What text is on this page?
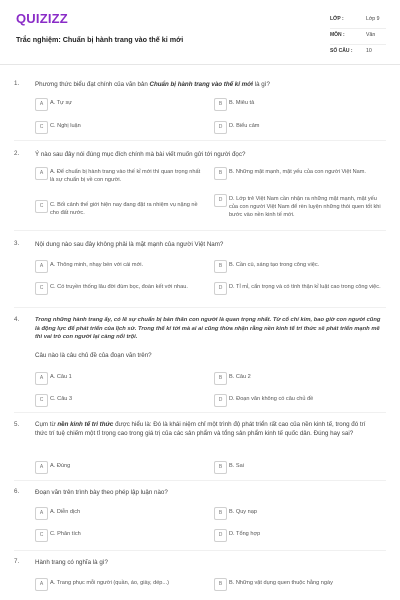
QUIZIZZ
Trắc nghiệm: Chuẩn bị hành trang vào thế kỉ mới
LỚP :	Lớp 9
MÔN :	Văn
SỐ CÂU :	10
1.	Phương thức biểu đạt chính của văn bản Chuẩn bị hành trang vào thế kỉ mới là gì?
A	A. Tự sự	B	B. Miêu tả
C	C. Nghị luận	D	D. Biểu cảm
2.	Ý nào sau đây nói đúng mục đích chính mà bài viết muốn gửi tới người đọc?
A	A. Để chuẩn bị hành trang vào thế kỉ mới thì quan trọng nhất là sự chuẩn bị về con người.
B	B. Những mặt mạnh, mặt yếu của con người Việt Nam.
C	C. Bối cảnh thế giới hiện nay đang đặt ra nhiệm vụ nặng nề cho đất nước.
D	D. Lớp trẻ Việt Nam cần nhận ra những mặt mạnh, mặt yếu của con người Việt Nam để rèn luyện những thói quen tốt khi bước vào nền kinh tế mới.
3.	Nội dung nào sau đây không phải là mặt mạnh của người Việt Nam?
A	A. Thông minh, nhạy bén với cái mới.	B	B. Cần cù, sáng tạo trong công việc.
C	C. Có truyền thống lâu đời đùm bọc, đoàn kết với nhau.	D	D. Tỉ mỉ, cẩn trọng và có tính thận kỉ luật cao trong công việc.
4.	Trong những hành trang ấy, có lẽ sự chuẩn bị bản thân con người là quan trọng nhất. Từ cổ chí kim, bao giờ con người cũng là động lực để phát triển của lịch sử. Trong thế kỉ tới mà ai ai cũng thừa nhận rằng nền kinh tế tri thức sẽ phát triển mạnh mẽ thì vai trò con người lại càng nổi trội.
Câu nào là câu chủ đề của đoạn văn trên?
A	A. Câu 1	B	B. Câu 2
C	C. Câu 3	D	D. Đoạn văn không có câu chủ đề
5.	Cụm từ nền kinh tế tri thức được hiểu là: Đó là khái niệm chỉ một trình độ phát triển rất cao của nền kinh tế, trong đó trí thức trí tuệ chiếm một tỉ trọng cao trong giá trị của các sản phẩm và tổng sản phẩm kinh tế quốc dân. Đúng hay sai?
A	A. Đúng	B	B. Sai
6.	Đoạn văn trên trình bày theo phép lập luận nào?
A	A. Diễn dịch	B	B. Quy nạp
C	C. Phân tích	D	D. Tổng hợp
7.	Hành trang có nghĩa là gì?
A	A. Trang phục mỗi người (quần, áo, giày, dép...)	B	B. Những vật dụng quen thuộc hằng ngày
